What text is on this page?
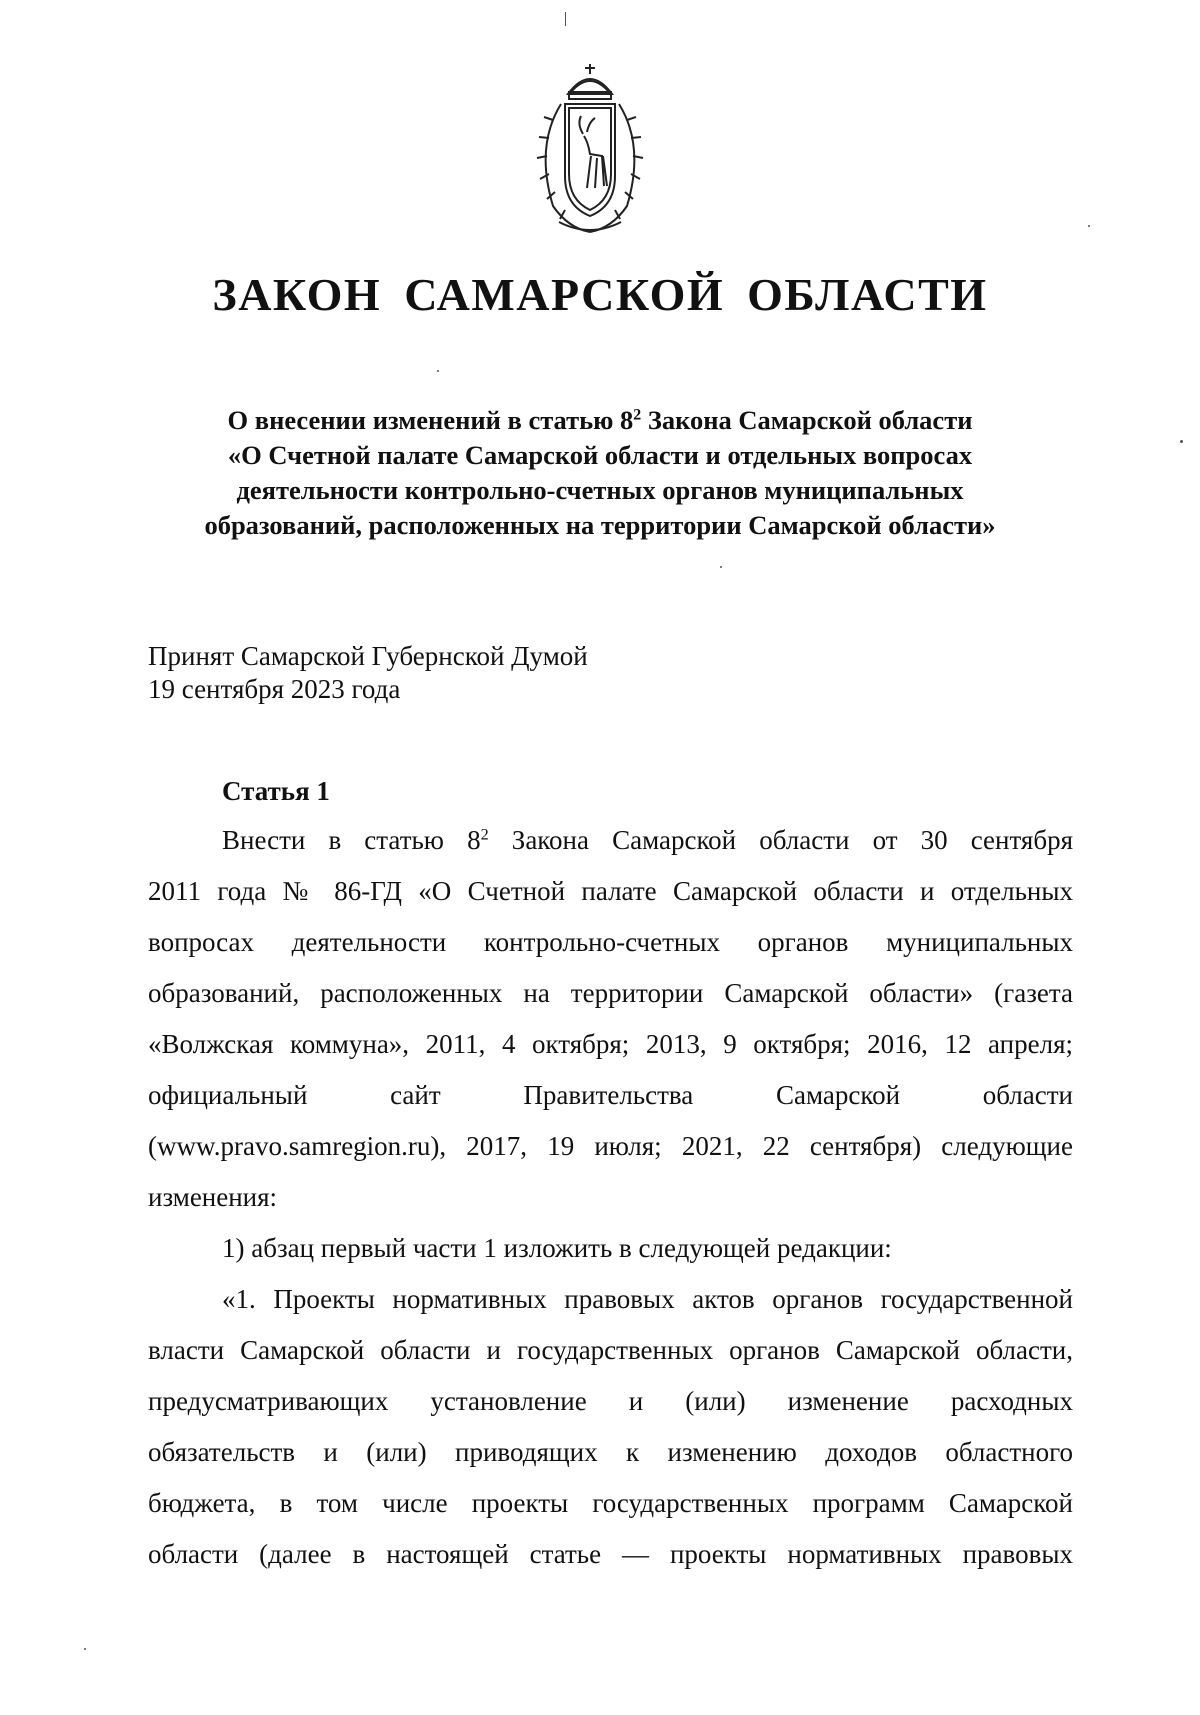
ЗАКОН САМАРСКОЙ ОБЛАСТИ
О внесении изменений в статью $8^2$ Закона Самарской области
«О Счетной палате Самарской области и отдельных вопросах
деятельности контрольно-счетных органов муниципальных
образований, расположенных на территории Самарской области»
Принят Самарской Губернской Думой
19 сентября 2023 года
Статья 1
Внести в статью $8^2$ Закона Самарской области от 30 сентября
2011 года № 86-ГД «О Счетной палате Самарской области и отдельных
вопросах деятельности контрольно-счетных органов муниципальных
образований, расположенных на территории Самарской области» (газета
«Волжская коммуна», 2011, 4 октября; 2013, 9 октября; 2016, 12 апреля;
официальный сайт Правительства Самарской области
(www.pravo.samregion.ru), 2017, 19 июля; 2021, 22 сентября) следующие
изменения:
1) абзац первый части 1 изложить в следующей редакции:
«1. Проекты нормативных правовых актов органов государственной
власти Самарской области и государственных органов Самарской области,
предусматривающих установление и (или) изменение расходных
обязательств и (или) приводящих к изменению доходов областного
бюджета, в том числе проекты государственных программ Самарской
области (далее в настоящей статье — проекты нормативных правовых
